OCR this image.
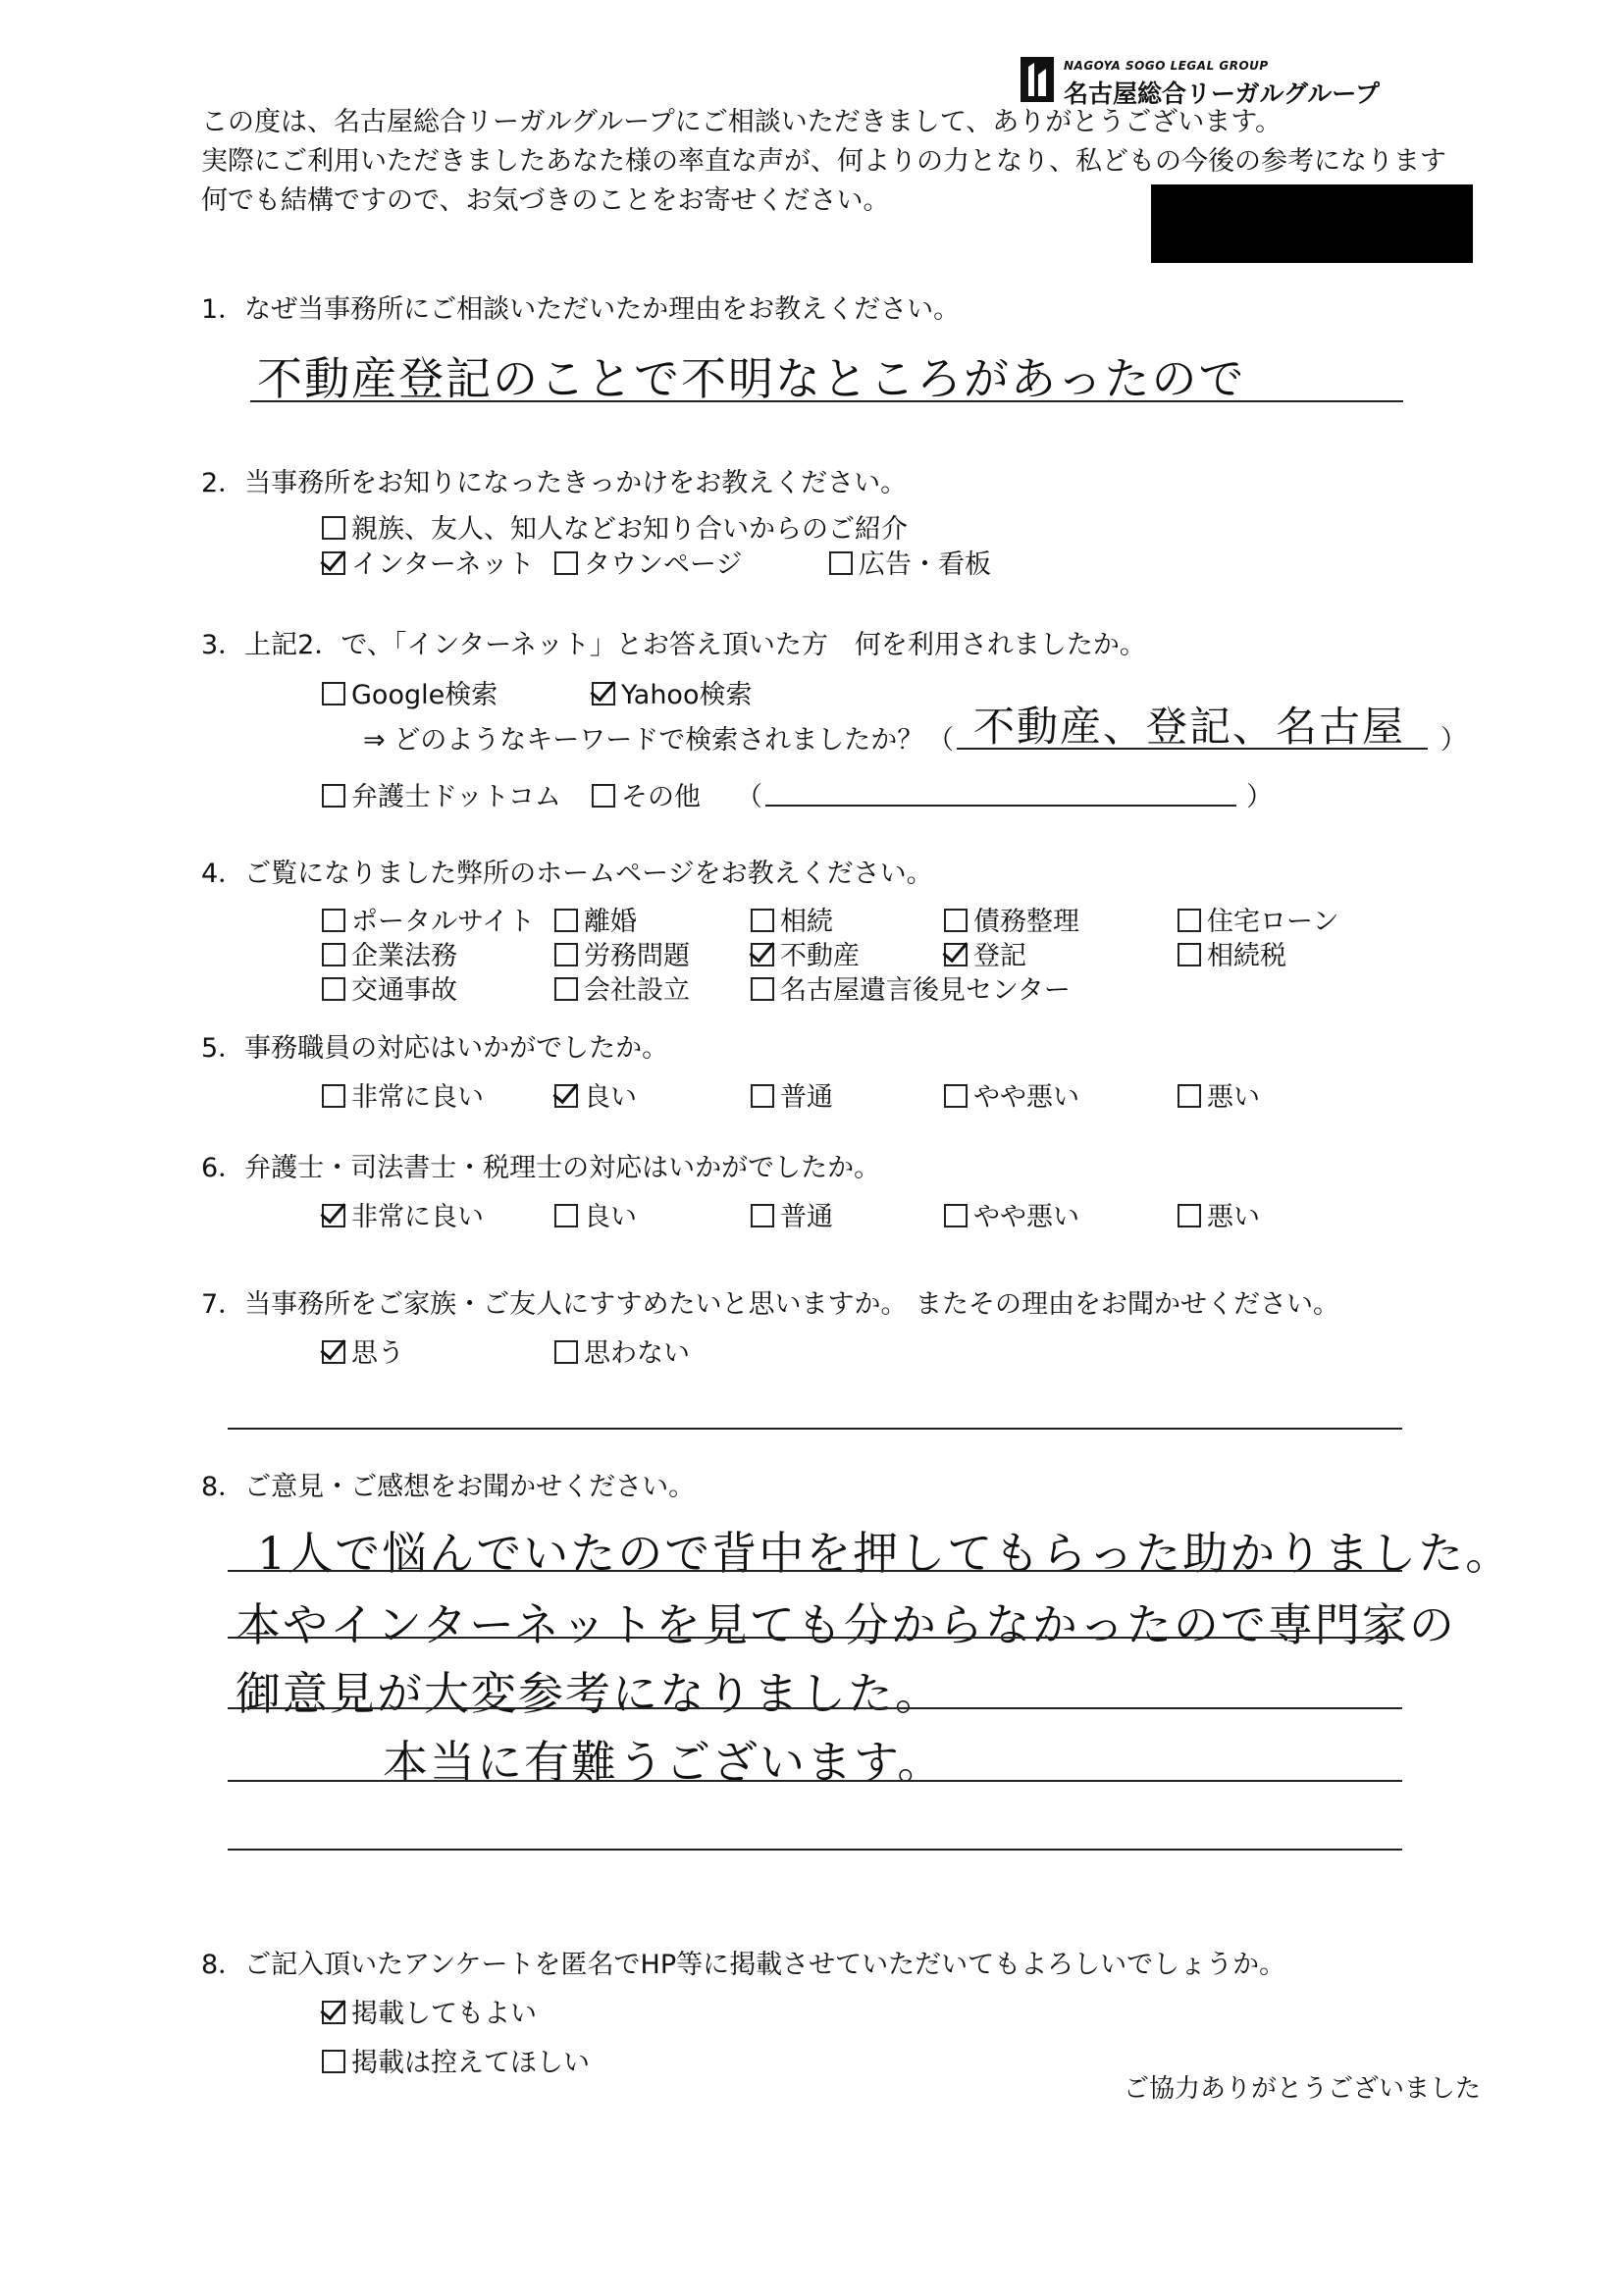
NAGOYA SOGO LEGAL GROUP
名古屋総合リーガルグループ
この度は、名古屋総合リーガルグループにご相談いただきまして、ありがとうございます。
実際にご利用いただきましたあなた様の率直な声が、何よりの力となり、私どもの今後の参考になります
何でも結構ですので、お気づきのことをお寄せください。
1．なぜ当事務所にご相談いただいたか理由をお教えください。
不動産登記のことで不明なところがあったので
2．当事務所をお知りになったきっかけをお教えください。
親族、友人、知人などお知り合いからのご紹介
インターネット	タウンページ	広告・看板
3．上記2．で、「インターネット」とお答え頂いた方　何を利用されましたか。
Google検索	Yahoo検索
⇒ どのようなキーワードで検索されましたか？ （ 不動産、登記、名古屋 ）
弁護士ドットコム	その他 （	）
4．ご覧になりました弊所のホームページをお教えください。
ポータルサイト	離婚	相続	債務整理	住宅ローン
企業法務	労務問題	不動産	登記	相続税
交通事故	会社設立	名古屋遺言後見センター
5．事務職員の対応はいかがでしたか。
非常に良い	良い	普通	やや悪い	悪い
6．弁護士・司法書士・税理士の対応はいかがでしたか。
非常に良い	良い	普通	やや悪い	悪い
7．当事務所をご家族・ご友人にすすめたいと思いますか。 またその理由をお聞かせください。
思う	思わない
8．ご意見・ご感想をお聞かせください。
1人で悩んでいたので背中を押してもらった助かりました。
本やインターネットを見ても分からなかったので専門家の
御意見が大変参考になりました。
本当に有難うございます。
8．ご記入頂いたアンケートを匿名でHP等に掲載させていただいてもよろしいでしょうか。
掲載してもよい
掲載は控えてほしい
ご協力ありがとうございました
